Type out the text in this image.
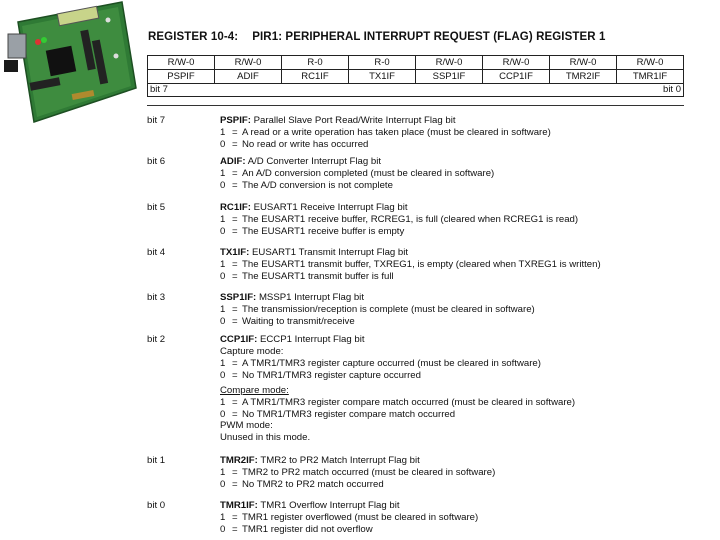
REGISTER 10-4: PIR1: PERIPHERAL INTERRUPT REQUEST (FLAG) REGISTER 1
R/W-0	R/W-0	R-0	R-0	R/W-0	R/W-0	R/W-0	R/W-0
PSPIF	ADIF	RC1IF	TX1IF	SSP1IF	CCP1IF	TMR2IF	TMR1IF
bit 7	bit 0
bit 7	PSPIF: Parallel Slave Port Read/Write Interrupt Flag bit
1 = A read or a write operation has taken place (must be cleared in software)
0 = No read or write has occurred
bit 6	ADIF: A/D Converter Interrupt Flag bit
1 = An A/D conversion completed (must be cleared in software)
0 = The A/D conversion is not complete
bit 5	RC1IF: EUSART1 Receive Interrupt Flag bit
1 = The EUSART1 receive buffer, RCREG1, is full (cleared when RCREG1 is read)
0 = The EUSART1 receive buffer is empty
bit 4	TX1IF: EUSART1 Transmit Interrupt Flag bit
1 = The EUSART1 transmit buffer, TXREG1, is empty (cleared when TXREG1 is written)
0 = The EUSART1 transmit buffer is full
bit 3	SSP1IF: MSSP1 Interrupt Flag bit
1 = The transmission/reception is complete (must be cleared in software)
0 = Waiting to transmit/receive
bit 2	CCP1IF: ECCP1 Interrupt Flag bit
Capture mode:
1 = A TMR1/TMR3 register capture occurred (must be cleared in software)
0 = No TMR1/TMR3 register capture occurred
Compare mode:
1 = A TMR1/TMR3 register compare match occurred (must be cleared in software)
0 = No TMR1/TMR3 register compare match occurred
PWM mode:
Unused in this mode.
bit 1	TMR2IF: TMR2 to PR2 Match Interrupt Flag bit
1 = TMR2 to PR2 match occurred (must be cleared in software)
0 = No TMR2 to PR2 match occurred
bit 0	TMR1IF: TMR1 Overflow Interrupt Flag bit
1 = TMR1 register overflowed (must be cleared in software)
0 = TMR1 register did not overflow
